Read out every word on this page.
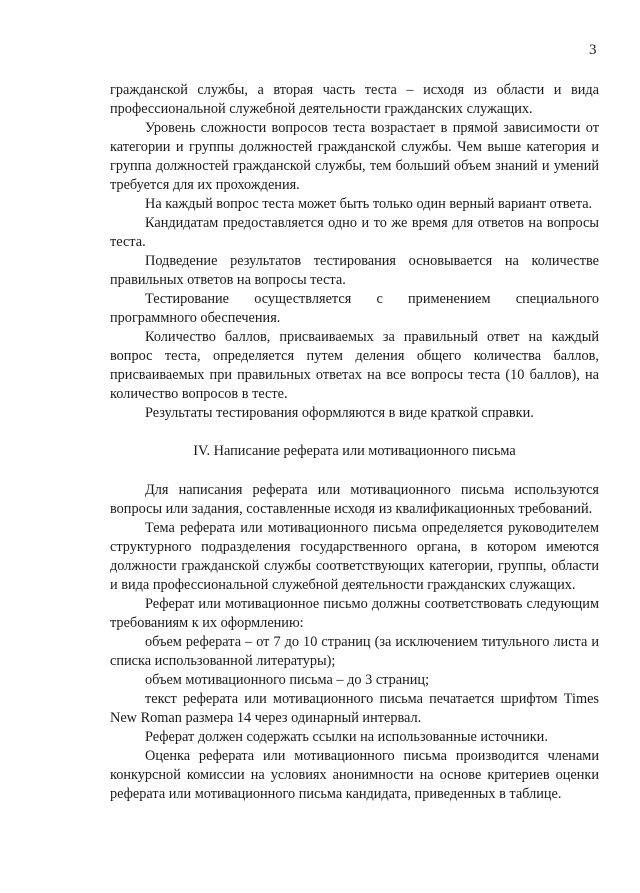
3

гражданской службы, а вторая часть теста – исходя из области и вида профессиональной служебной деятельности гражданских служащих.

Уровень сложности вопросов теста возрастает в прямой зависимости от категории и группы должностей гражданской службы. Чем выше категория и группа должностей гражданской службы, тем больший объем знаний и умений требуется для их прохождения.

На каждый вопрос теста может быть только один верный вариант ответа.

Кандидатам предоставляется одно и то же время для ответов на вопросы теста.

Подведение результатов тестирования основывается на количестве правильных ответов на вопросы теста.

Тестирование осуществляется с применением специального программного обеспечения.

Количество баллов, присваиваемых за правильный ответ на каждый вопрос теста, определяется путем деления общего количества баллов, присваиваемых при правильных ответах на все вопросы теста (10 баллов), на количество вопросов в тесте.

Результаты тестирования оформляются в виде краткой справки.

IV. Написание реферата или мотивационного письма

Для написания реферата или мотивационного письма используются вопросы или задания, составленные исходя из квалификационных требований.

Тема реферата или мотивационного письма определяется руководителем структурного подразделения государственного органа, в котором имеются должности гражданской службы соответствующих категории, группы, области и вида профессиональной служебной деятельности гражданских служащих.

Реферат или мотивационное письмо должны соответствовать следующим требованиям к их оформлению:

объем реферата – от 7 до 10 страниц (за исключением титульного листа и списка использованной литературы);

объем мотивационного письма – до 3 страниц;

текст реферата или мотивационного письма печатается шрифтом Times New Roman размера 14 через одинарный интервал.

Реферат должен содержать ссылки на использованные источники.

Оценка реферата или мотивационного письма производится членами конкурсной комиссии на условиях анонимности на основе критериев оценки реферата или мотивационного письма кандидата, приведенных в таблице.
